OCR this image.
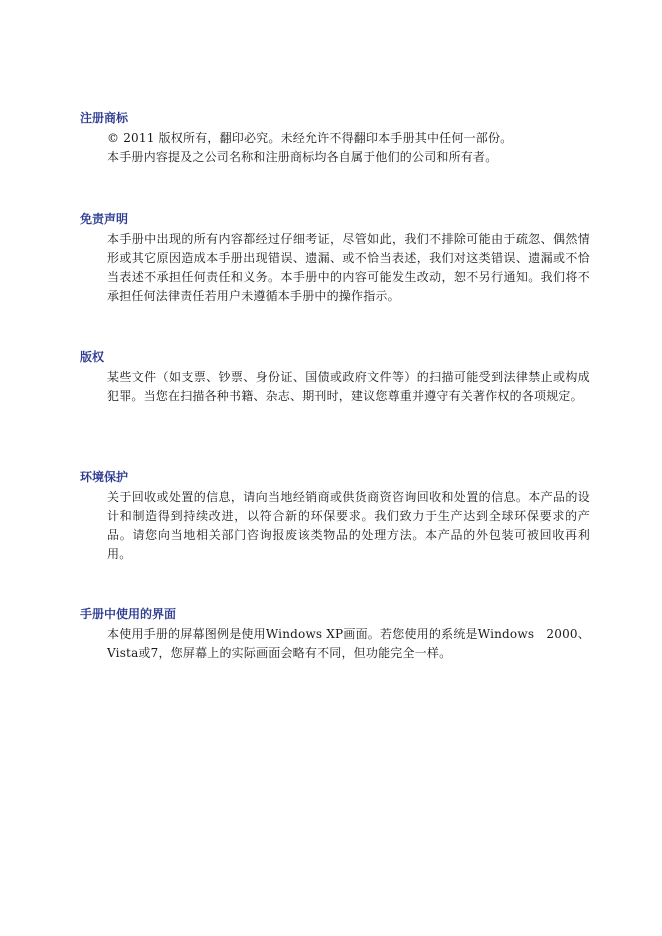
注册商标

© 2011 版权所有，翻印必究。未经允许不得翻印本手册其中任何一部份。

本手册内容提及之公司名称和注册商标均各自属于他们的公司和所有者。

免责声明

本手册中出现的所有内容都经过仔细考证，尽管如此，我们不排除可能由于疏忽、偶然情形或其它原因造成本手册出现错误、遗漏、或不恰当表述，我们对这类错误、遗漏或不恰当表述不承担任何责任和义务。本手册中的内容可能发生改动，恕不另行通知。我们将不承担任何法律责任若用户未遵循本手册中的操作指示。

版权

某些文件（如支票、钞票、身份证、国债或政府文件等）的扫描可能受到法律禁止或构成犯罪。当您在扫描各种书籍、杂志、期刊时，建议您尊重并遵守有关著作权的各项规定。

环境保护

关于回收或处置的信息，请向当地经销商或供货商资咨询回收和处置的信息。本产品的设计和制造得到持续改进，以符合新的环保要求。我们致力于生产达到全球环保要求的产品。请您向当地相关部门咨询报废该类物品的处理方法。本产品的外包装可被回收再利用。

手册中使用的界面

本使用手册的屏幕图例是使用Windows XP画面。若您使用的系统是Windows　2000、Vista或7，您屏幕上的实际画面会略有不同，但功能完全一样。
